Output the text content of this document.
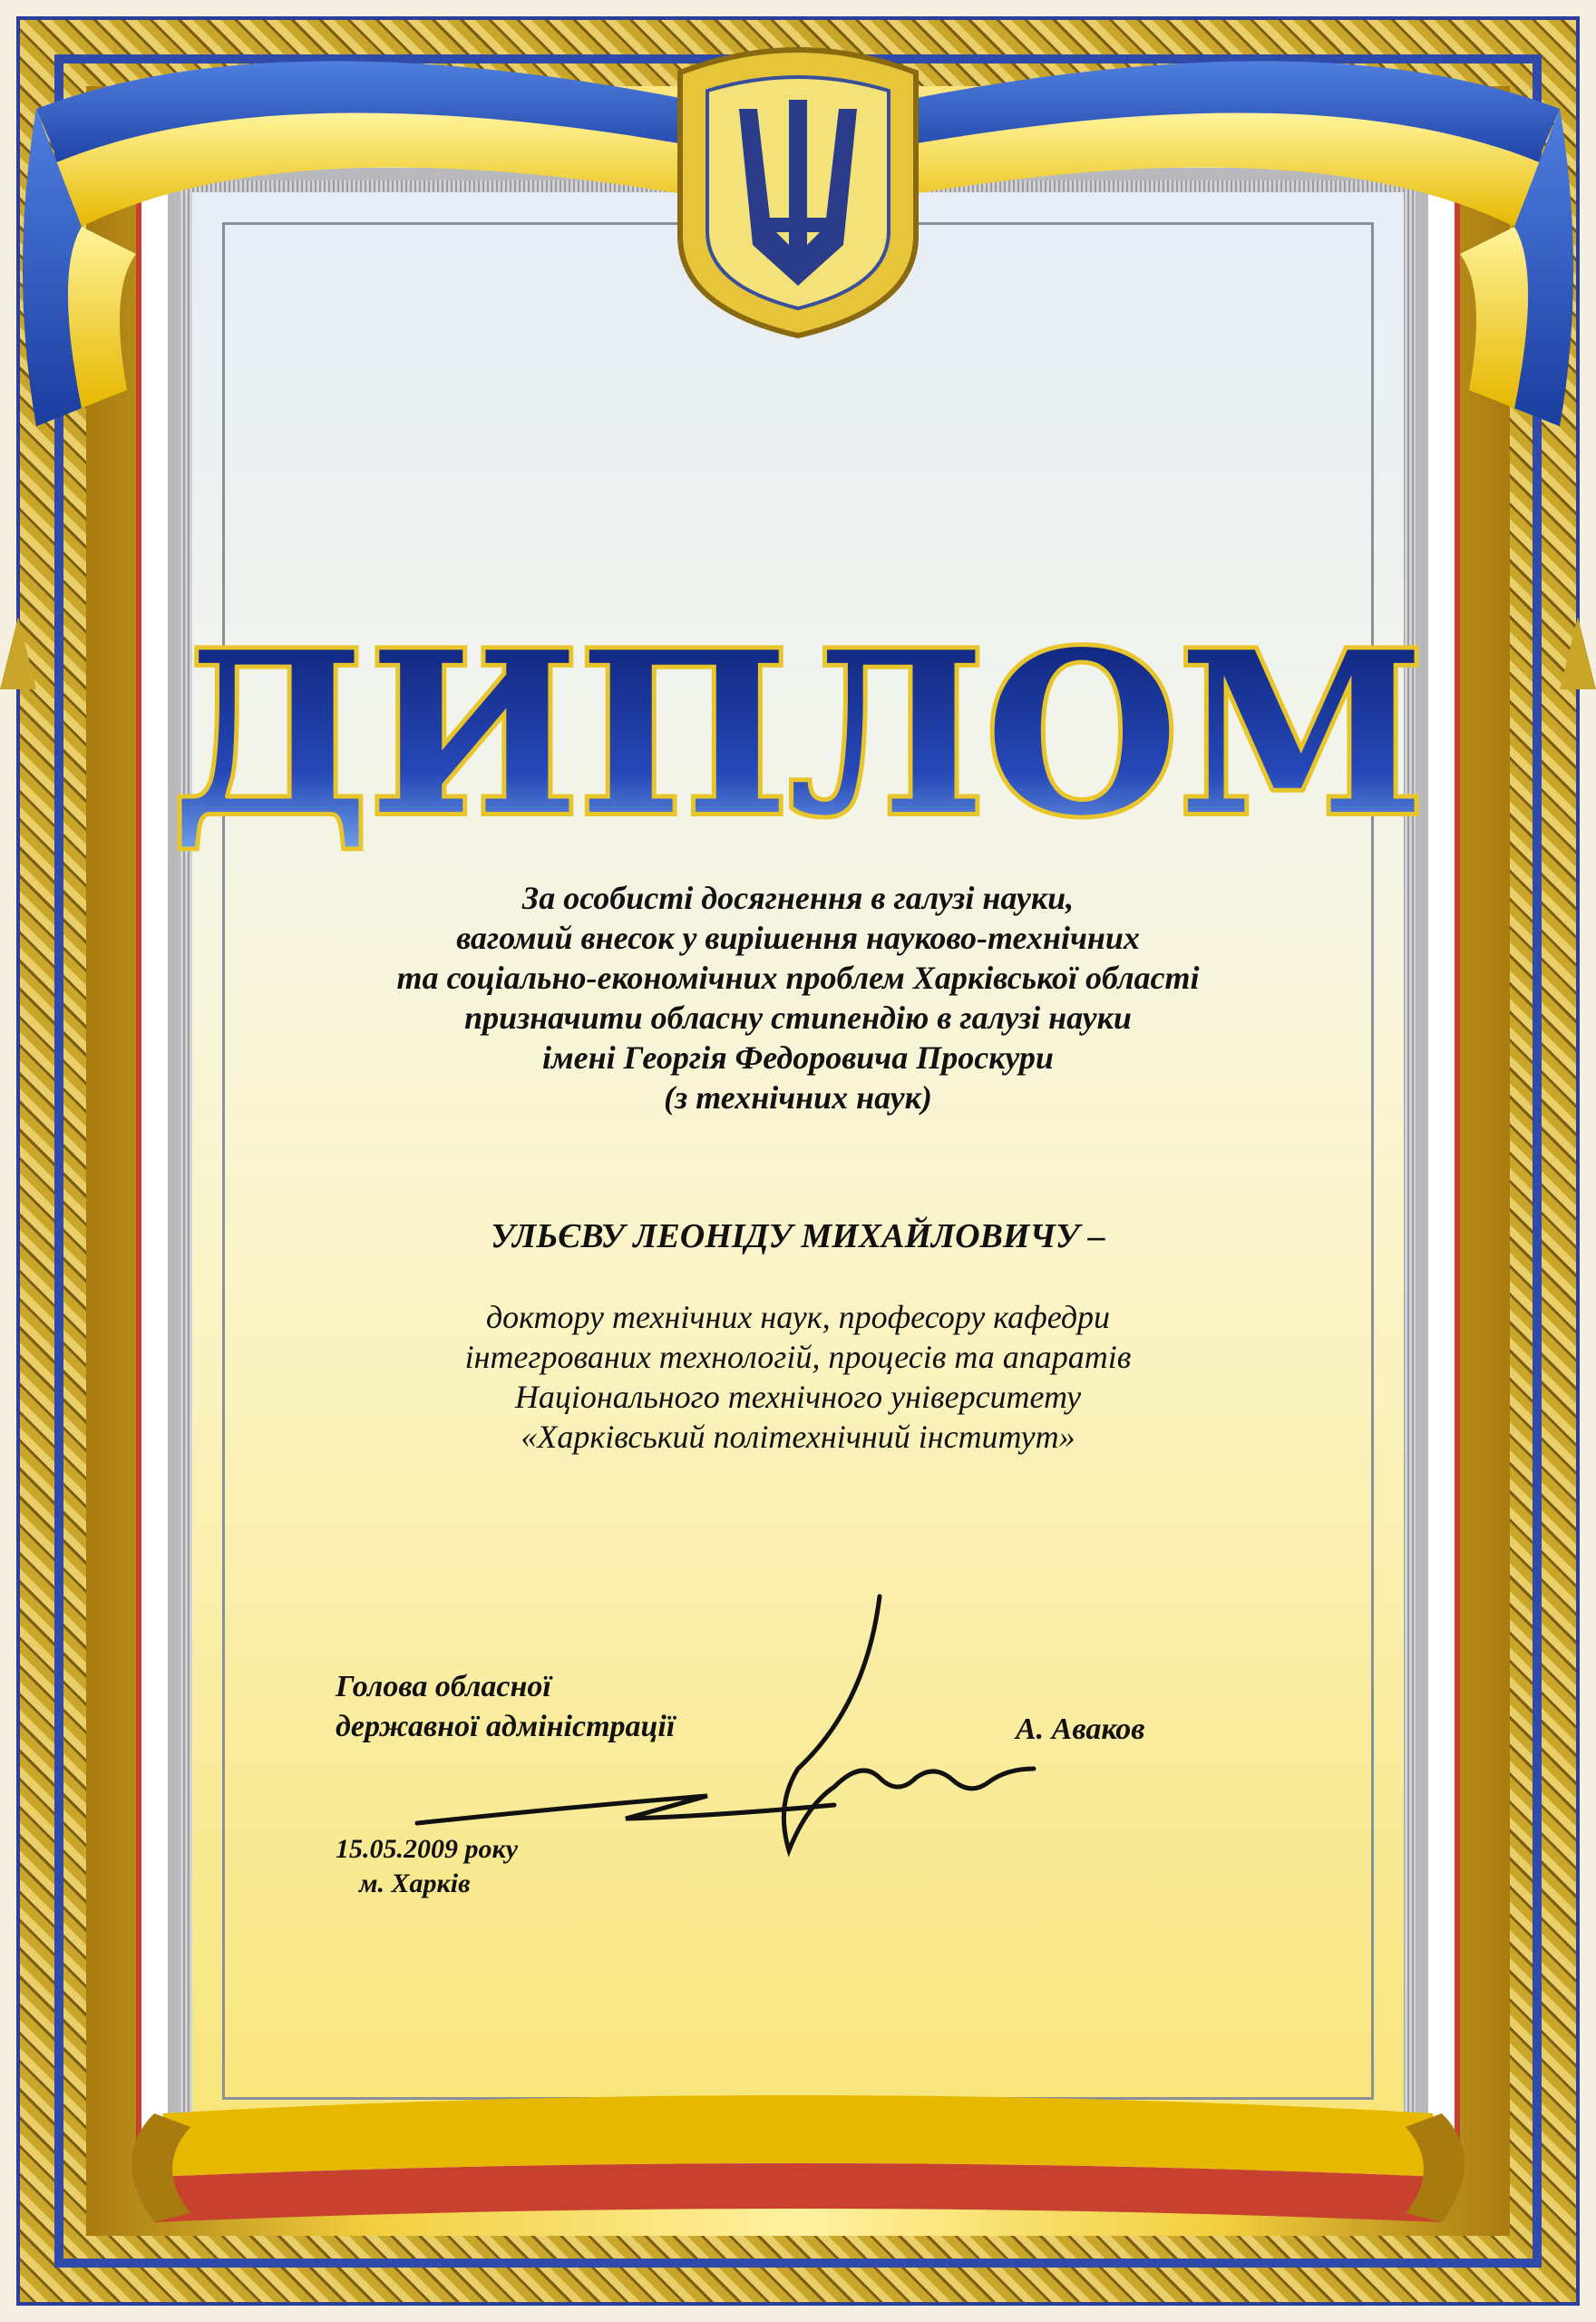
ДИПЛОМ
За особисті досягнення в галузі науки,
вагомий внесок у вирішення науково-технічних
та соціально-економічних проблем Харківської області
призначити обласну стипендію в галузі науки
імені Георгія Федоровича Проскури
(з технічних наук)
УЛЬЄВУ ЛЕОНІДУ МИХАЙЛОВИЧУ –
доктору технічних наук, професору кафедри
інтегрованих технологій, процесів та апаратів
Національного технічного університету
«Харківський політехнічний інститут»
Голова обласної
державної адміністрації	А. Аваков
15.05.2009 року
м. Харків
